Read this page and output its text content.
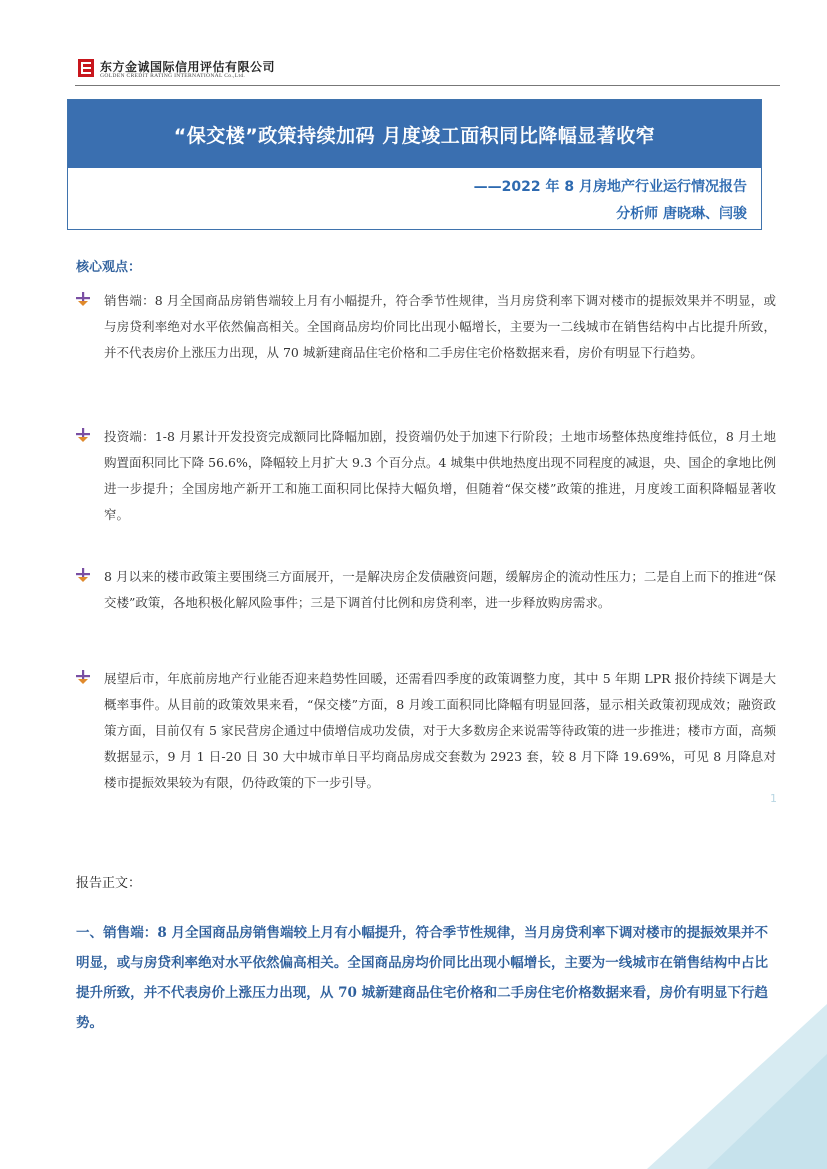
东方金诚国际信用评估有限公司
GOLDEN CREDIT RATING INTERNATIONAL Co.,Ltd.
“保交楼”政策持续加码 月度竣工面积同比降幅显著收窄
——2022 年 8 月房地产行业运行情况报告
分析师 唐晓琳、闫骏
核心观点：

销售端：8 月全国商品房销售端较上月有小幅提升，符合季节性规律，当月房贷利率下调对楼市的提振效果并不明显，或与房贷利率绝对水平依然偏高相关。全国商品房均价同比出现小幅增长，主要为一二线城市在销售结构中占比提升所致，并不代表房价上涨压力出现，从 70 城新建商品住宅价格和二手房住宅价格数据来看，房价有明显下行趋势。

投资端：1-8 月累计开发投资完成额同比降幅加剧，投资端仍处于加速下行阶段；土地市场整体热度维持低位，8 月土地购置面积同比下降 56.6%，降幅较上月扩大 9.3 个百分点。4 城集中供地热度出现不同程度的减退，央、国企的拿地比例进一步提升；全国房地产新开工和施工面积同比保持大幅负增，但随着“保交楼”政策的推进，月度竣工面积降幅显著收窄。

8 月以来的楼市政策主要围绕三方面展开，一是解决房企发债融资问题，缓解房企的流动性压力；二是自上而下的推进“保交楼”政策，各地积极化解风险事件；三是下调首付比例和房贷利率，进一步释放购房需求。

展望后市，年底前房地产行业能否迎来趋势性回暖，还需看四季度的政策调整力度，其中 5 年期 LPR 报价持续下调是大概率事件。从目前的政策效果来看，“保交楼”方面，8 月竣工面积同比降幅有明显回落，显示相关政策初现成效；融资政策方面，目前仅有 5 家民营房企通过中债增信成功发债，对于大多数房企来说需等待政策的进一步推进；楼市方面，高频数据显示，9 月 1 日-20 日 30 大中城市单日平均商品房成交套数为 2923 套，较 8 月下降 19.69%，可见 8 月降息对楼市提振效果较为有限，仍待政策的下一步引导。

报告正文：

一、销售端：8 月全国商品房销售端较上月有小幅提升，符合季节性规律，当月房贷利率下调对楼市的提振效果并不明显，或与房贷利率绝对水平依然偏高相关。全国商品房均价同比出现小幅增长，主要为一线城市在销售结构中占比提升所致，并不代表房价上涨压力出现，从 70 城新建商品住宅价格和二手房住宅价格数据来看，房价有明显下行趋势。

1
